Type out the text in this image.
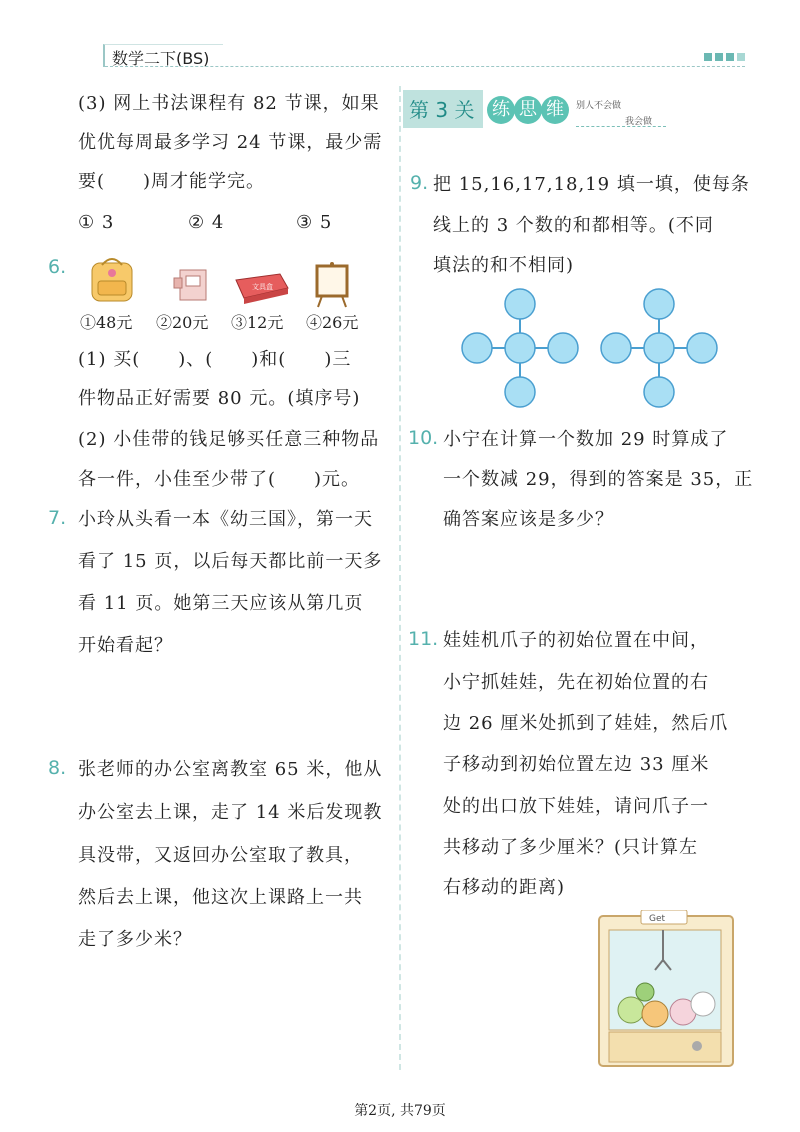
数学二下(BS)
(3) 网上书法课程有 82 节课，如果
优优每周最多学习 24 节课，最少需
要(　　)周才能学完。
① 3	② 4	③ 5
6.
文具盒
①48元 ②20元 ③12元 ④26元
(1) 买(　　)、(　　)和(　　)三
件物品正好需要 80 元。(填序号)
(2) 小佳带的钱足够买任意三种物品
各一件，小佳至少带了(　　)元。
7. 小玲从头看一本《幼三国》，第一天
看了 15 页，以后每天都比前一天多
看 11 页。她第三天应该从第几页
开始看起？
8. 张老师的办公室离教室 65 米，他从
办公室去上课，走了 14 米后发现教
具没带，又返回办公室取了教具，
然后去上课，他这次上课路上一共
走了多少米？
第 3 关 练 思 维	别人不会做
我会做
9. 把 15,16,17,18,19 填一填，使每条
线上的 3 个数的和都相等。(不同
填法的和不相同)
10. 小宁在计算一个数加 29 时算成了
一个数减 29，得到的答案是 35，正
确答案应该是多少？
11. 娃娃机爪子的初始位置在中间，
小宁抓娃娃，先在初始位置的右
边 26 厘米处抓到了娃娃，然后爪
子移动到初始位置左边 33 厘米
处的出口放下娃娃，请问爪子一
共移动了多少厘米？(只计算左
右移动的距离)
Get
第2页, 共79页
